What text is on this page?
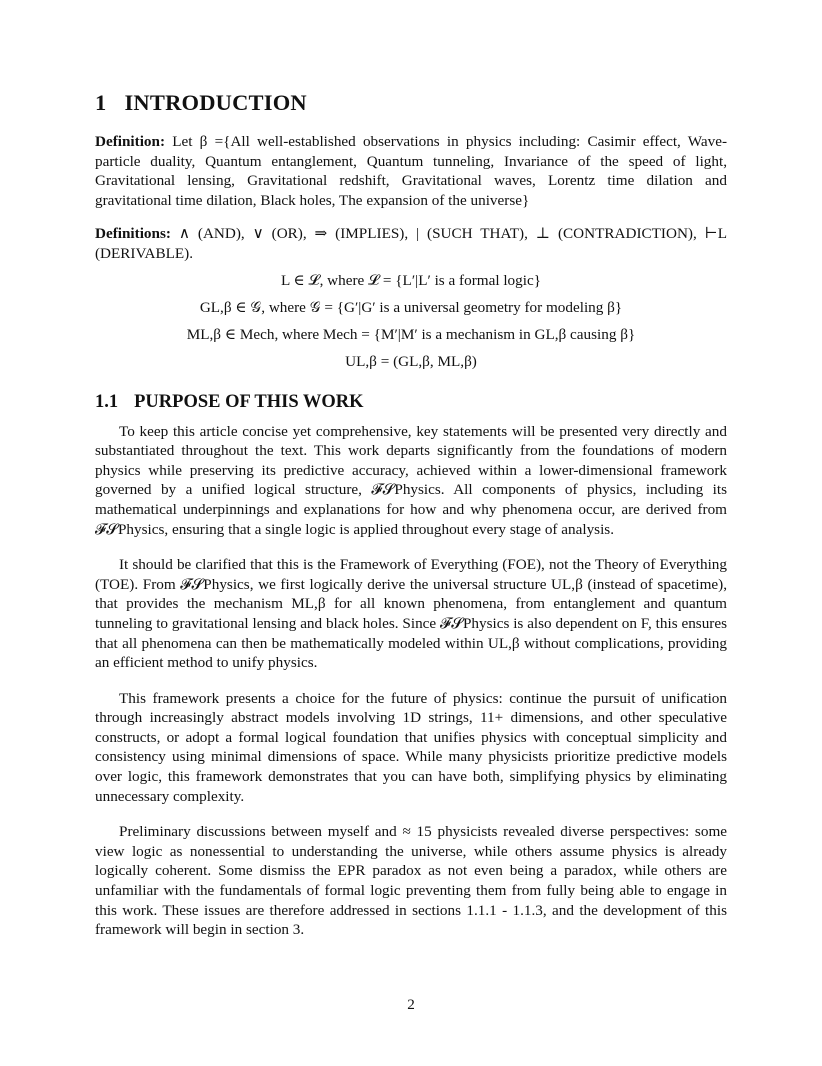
1 INTRODUCTION

Definition: Let β ={All well-established observations in physics including: Casimir effect, Wave-particle duality, Quantum entanglement, Quantum tunneling, Invariance of the speed of light, Gravitational lensing, Gravitational redshift, Gravitational waves, Lorentz time dilation and gravitational time dilation, Black holes, The expansion of the universe}

Definitions: ∧ (AND), ∨ (OR), ⇒ (IMPLIES), | (SUCH THAT), ⊥ (CONTRADICTION), ⊢L (DERIVABLE).

L ∈ 𝓛, where 𝓛 = {L′|L′ is a formal logic}
GL,β ∈ 𝒢, where 𝒢 = {G′|G′ is a universal geometry for modeling β}
ML,β ∈ Mech, where Mech = {M′|M′ is a mechanism in GL,β causing β}
UL,β = (GL,β, ML,β)
1.1 PURPOSE OF THIS WORK

To keep this article concise yet comprehensive, key statements will be presented very directly and substantiated throughout the text. This work departs significantly from the foundations of modern physics while preserving its predictive accuracy, achieved within a lower-dimensional framework governed by a unified logical structure, 𝓕𝓢Physics. All components of physics, including its mathematical underpinnings and explanations for how and why phenomena occur, are derived from 𝓕𝓢Physics, ensuring that a single logic is applied throughout every stage of analysis.

It should be clarified that this is the Framework of Everything (FOE), not the Theory of Everything (TOE). From 𝓕𝓢Physics, we first logically derive the universal structure UL,β (instead of spacetime), that provides the mechanism ML,β for all known phenomena, from entanglement and quantum tunneling to gravitational lensing and black holes. Since 𝓕𝓢Physics is also dependent on F, this ensures that all phenomena can then be mathematically modeled within UL,β without complications, providing an efficient method to unify physics.

This framework presents a choice for the future of physics: continue the pursuit of unification through increasingly abstract models involving 1D strings, 11+ dimensions, and other speculative constructs, or adopt a formal logical foundation that unifies physics with conceptual simplicity and consistency using minimal dimensions of space. While many physicists prioritize predictive models over logic, this framework demonstrates that you can have both, simplifying physics by eliminating unnecessary complexity.

Preliminary discussions between myself and ≈ 15 physicists revealed diverse perspectives: some view logic as nonessential to understanding the universe, while others assume physics is already logically coherent. Some dismiss the EPR paradox as not even being a paradox, while others are unfamiliar with the fundamentals of formal logic preventing them from fully being able to engage in this work. These issues are therefore addressed in sections 1.1.1 - 1.1.3, and the development of this framework will begin in section 3.

2
